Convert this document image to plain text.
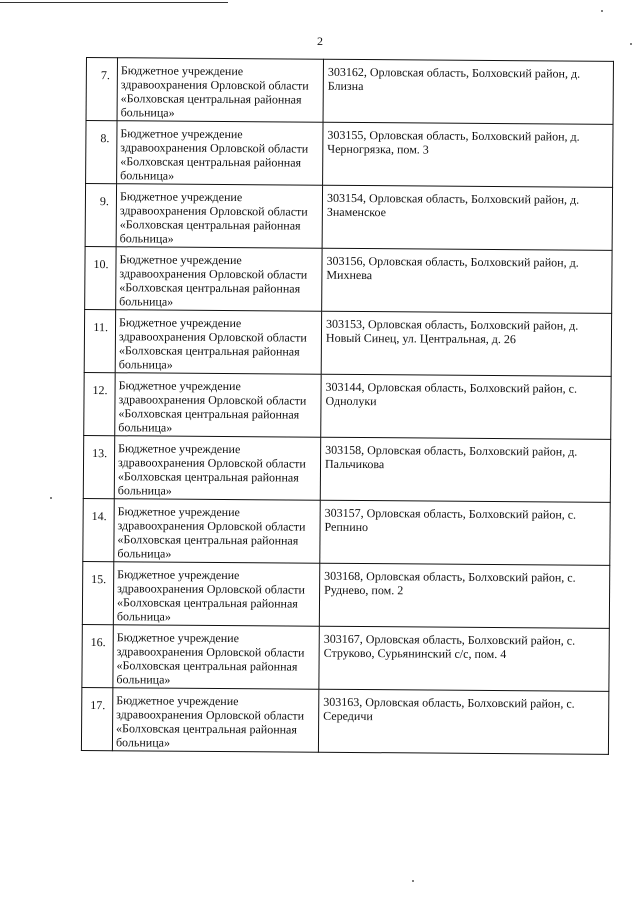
2
7.	Бюджетное учреждение здравоохранения Орловской области «Болховская центральная районная больница»	303162, Орловская область, Болховский район, д. Близна
8.	Бюджетное учреждение здравоохранения Орловской области «Болховская центральная районная больница»	303155, Орловская область, Болховский район, д. Черногрязка, пом. 3
9.	Бюджетное учреждение здравоохранения Орловской области «Болховская центральная районная больница»	303154, Орловская область, Болховский район, д. Знаменское
10.	Бюджетное учреждение здравоохранения Орловской области «Болховская центральная районная больница»	303156, Орловская область, Болховский район, д. Михнева
11.	Бюджетное учреждение здравоохранения Орловской области «Болховская центральная районная больница»	303153, Орловская область, Болховский район, д. Новый Синец, ул. Центральная, д. 26
12.	Бюджетное учреждение здравоохранения Орловской области «Болховская центральная районная больница»	303144, Орловская область, Болховский район, с. Однолуки
13.	Бюджетное учреждение здравоохранения Орловской области «Болховская центральная районная больница»	303158, Орловская область, Болховский район, д. Пальчикова
14.	Бюджетное учреждение здравоохранения Орловской области «Болховская центральная районная больница»	303157, Орловская область, Болховский район, с. Репнино
15.	Бюджетное учреждение здравоохранения Орловской области «Болховская центральная районная больница»	303168, Орловская область, Болховский район, с. Руднево, пом. 2
16.	Бюджетное учреждение здравоохранения Орловской области «Болховская центральная районная больница»	303167, Орловская область, Болховский район, с. Струково, Сурьянинский с/с, пом. 4
17.	Бюджетное учреждение здравоохранения Орловской области «Болховская центральная районная больница»	303163, Орловская область, Болховский район, с. Середичи
